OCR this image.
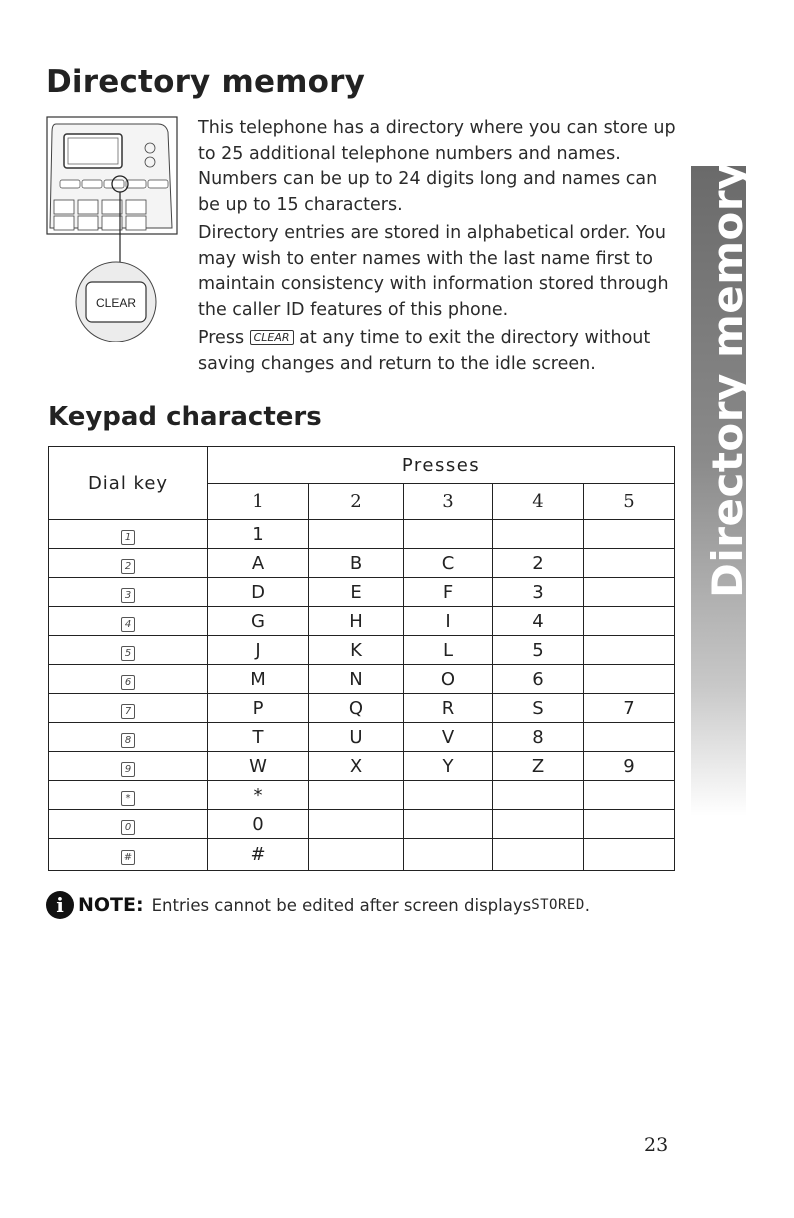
Directory memory
CLEAR

This telephone has a directory where you can store up to 25 additional telephone numbers and names. Numbers can be up to 24 digits long and names can be up to 15 characters.

Directory entries are stored in alphabetical order. You may wish to enter names with the last name first to maintain consistency with information stored through the caller ID features of this phone.

Press CLEAR at any time to exit the directory without saving changes and return to the idle screen.

Keypad characters
Dial key	Presses				
	1	2	3	4	5
1	1				
2	A	B	C	2	
3	D	E	F	3	
4	G	H	I	4	
5	J	K	L	5	
6	M	N	O	6	
7	P	Q	R	S	7
8	T	U	V	8	
9	W	X	Y	Z	9
*	*				
0	0				
#	#				
i NOTE: Entries cannot be edited after screen displays STORED .
Directory memory
23
